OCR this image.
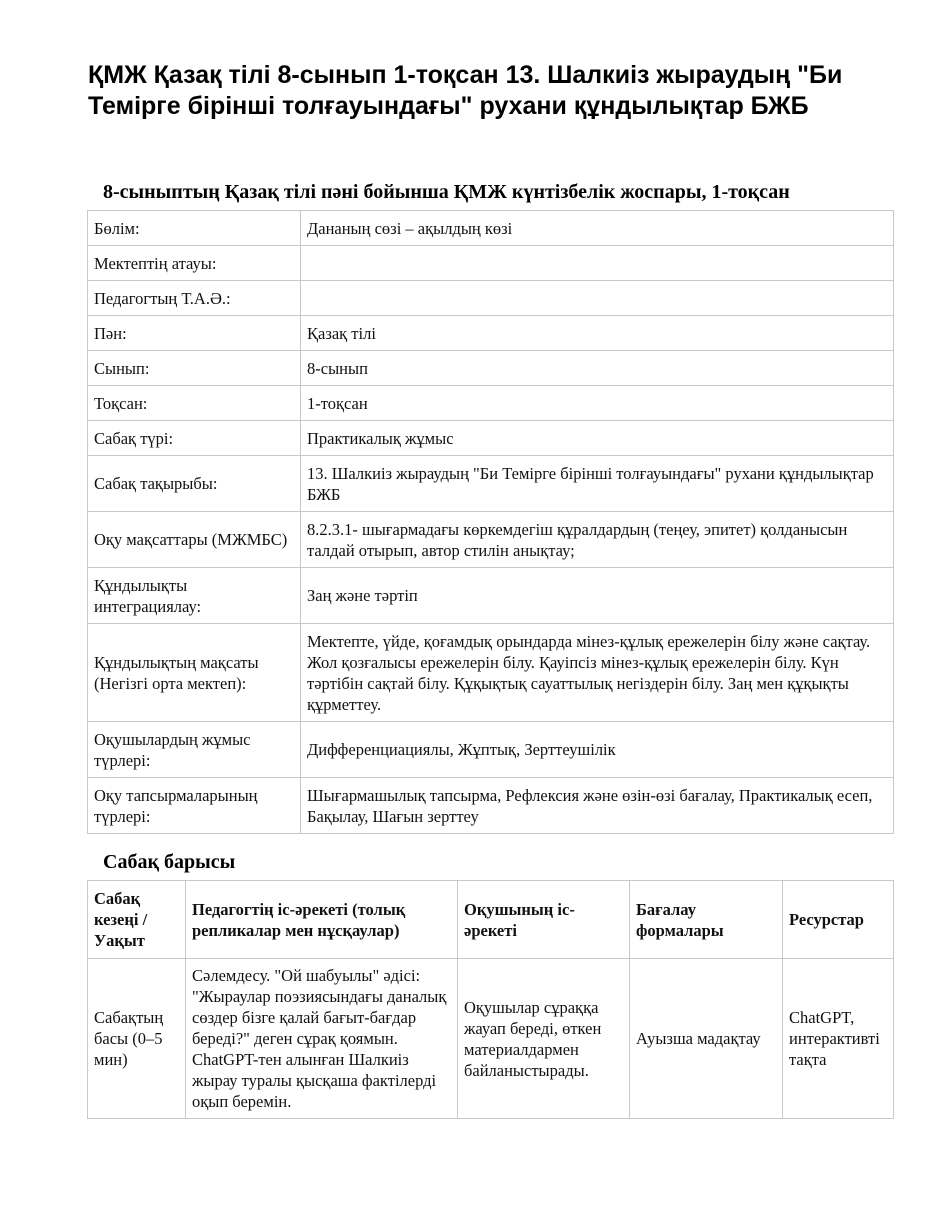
ҚМЖ Қазақ тілі 8-сынып 1-тоқсан 13. Шалкиіз жыраудың "Би Темірге бірінші толғауындағы" рухани құндылықтар БЖБ
8-сыныптың Қазақ тілі пәні бойынша ҚМЖ күнтізбелік жоспары, 1-тоқсан
Бөлім:	Дананың сөзі – ақылдың көзі
Мектептің атауы:	
Педагогтың Т.А.Ә.:	
Пән:	Қазақ тілі
Сынып:	8-сынып
Тоқсан:	1-тоқсан
Сабақ түрі:	Практикалық жұмыс
Сабақ тақырыбы:	13. Шалкиіз жыраудың "Би Темірге бірінші толғауындағы" рухани құндылықтар БЖБ
Оқу мақсаттары (МЖМБС)	8.2.3.1- шығармадағы көркемдегіш құралдардың (теңеу, эпитет) қолданысын талдай отырып, автор стилін анықтау;
Құндылықты интеграциялау:	Заң және тәртіп
Құндылықтың мақсаты (Негізгі орта мектеп):	Мектепте, үйде, қоғамдық орындарда мінез-құлық ережелерін білу және сақтау. Жол қозғалысы ережелерін білу. Қауіпсіз мінез-құлық ережелерін білу. Күн тәртібін сақтай білу. Құқықтық сауаттылық негіздерін білу. Заң мен құқықты құрметтеу.
Оқушылардың жұмыс түрлері:	Дифференциациялы, Жұптық, Зерттеушілік
Оқу тапсырмаларының түрлері:	Шығармашылық тапсырма, Рефлексия және өзін-өзі бағалау, Практикалық есеп, Бақылау, Шағын зерттеу
Сабақ барысы
Сабақ кезеңі / Уақыт	Педагогтің іс-әрекеті (толық репликалар мен нұсқаулар)	Оқушының іс-әрекеті	Бағалау формалары	Ресурстар
Сабақтың басы (0–5 мин)	Сәлемдесу. "Ой шабуылы" әдісі: "Жыраулар поэзиясындағы даналық сөздер бізге қалай бағыт-бағдар береді?" деген сұрақ қоямын. ChatGPT-тен алынған Шалкиіз жырау туралы қысқаша фактілерді оқып беремін.	Оқушылар сұраққа жауап береді, өткен материалдармен байланыстырады.	Ауызша мадақтау	ChatGPT, интерактивті тақта
